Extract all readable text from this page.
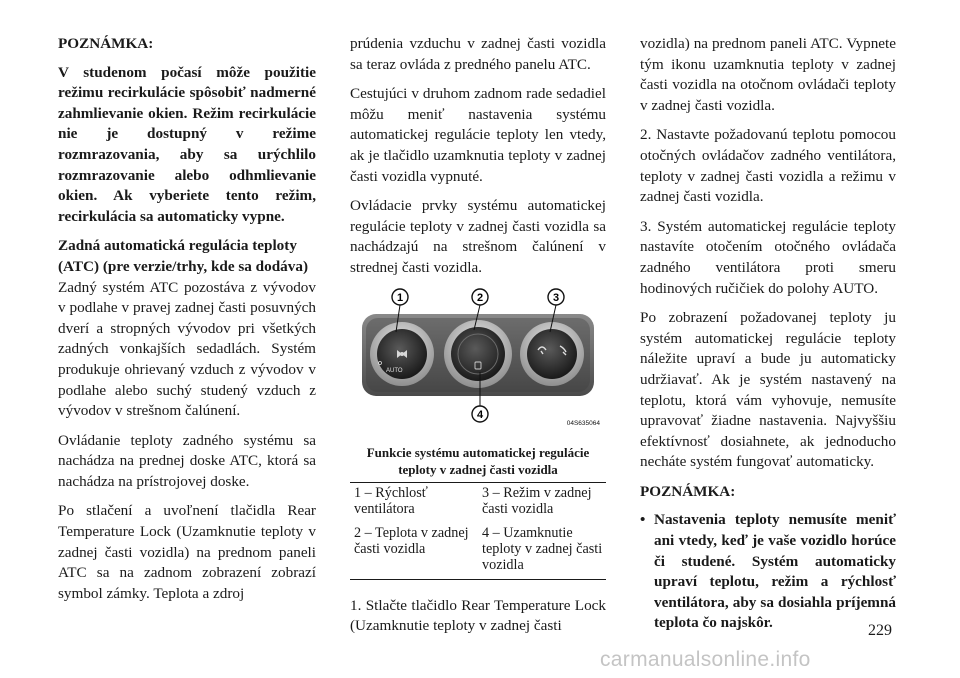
POZNÁMKA:

V studenom počasí môže použitie režimu recirkulácie spôsobiť nadmerné zahmlievanie okien. Režim recirkulácie nie je dostupný v režime rozmrazovania, aby sa urýchlilo rozmrazovanie alebo odhmlievanie okien. Ak vyberiete tento režim, recirkulácia sa automaticky vypne.

Zadná automatická regulácia teploty (ATC) (pre verzie/trhy, kde sa dodáva)

Zadný systém ATC pozostáva z vývodov v podlahe v pravej zadnej časti posuvných dverí a stropných vývodov pri všetkých zadných vonkajších sedadlách. Systém produkuje ohrievaný vzduch z vývodov v podlahe alebo suchý studený vzduch z vývodov v strešnom čalúnení.

Ovládanie teploty zadného systému sa nachádza na prednej doske ATC, ktorá sa nachádza na prístrojovej doske.

Po stlačení a uvoľnení tlačidla Rear Temperature Lock (Uzamknutie teploty v zadnej časti vozidla) na prednom paneli ATC sa na zadnom zobrazení zobrazí symbol zámky. Teplota a zdroj

prúdenia vzduchu v zadnej časti vozidla sa teraz ovláda z predného panelu ATC.

Cestujúci v druhom zadnom rade sedadiel môžu meniť nastavenia systému automatickej regulácie teploty len vtedy, ak je tlačidlo uzamknutia teploty v zadnej časti vozidla vypnuté.

Ovládacie prvky systému automatickej regulácie teploty v zadnej časti vozidla sa nachádzajú na strešnom čalúnení v strednej časti vozidla.

AUTO
1	2	3
4
04S635064

Funkcie systému automatickej regulácie teploty v zadnej časti vozidla

1 – Rýchlosť ventilátora	3 – Režim v zadnej časti vozidla
2 – Teplota v zadnej časti vozidla	4 – Uzamknutie teploty v zadnej časti vozidla

1. Stlačte tlačidlo Rear Temperature Lock (Uzamknutie teploty v zadnej časti

vozidla) na prednom paneli ATC. Vypnete tým ikonu uzamknutia teploty v zadnej časti vozidla na otočnom ovládači teploty v zadnej časti vozidla.

2. Nastavte požadovanú teplotu pomocou otočných ovládačov zadného ventilátora, teploty v zadnej časti vozidla a režimu v zadnej časti vozidla.

3. Systém automatickej regulácie teploty nastavíte otočením otočného ovládača zadného ventilátora proti smeru hodinových ručičiek do polohy AUTO.

Po zobrazení požadovanej teploty ju systém automatickej regulácie teploty náležite upraví a bude ju automaticky udržiavať. Ak je systém nastavený na teplotu, ktorá vám vyhovuje, nemusíte upravovať žiadne nastavenia. Najvyššiu efektívnosť dosiahnete, ak jednoducho necháte systém fungovať automaticky.

POZNÁMKA:

• Nastavenia teploty nemusíte meniť ani vtedy, keď je vaše vozidlo horúce či studené. Systém automaticky upraví teplotu, režim a rýchlosť ventilátora, aby sa dosiahla príjemná teplota čo najskôr.	229
carmanualsonline.info
